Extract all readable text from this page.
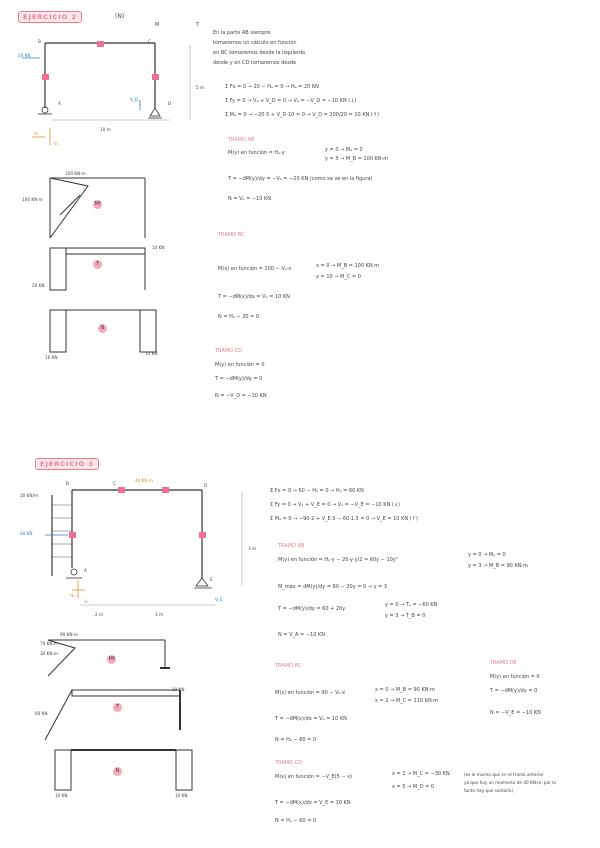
EJERCICIO 2	(N)
M	T
En la parte AB siempre
tomaremos un cálculo en función
en BC tomaremos desde la izquierda
desde y en CD tomaremos desde
20 KN
A	D
B	C
Hₐ
Vₐ
V_D
10 m
5 m	Σ Fx = 0 → 20 − Hₐ = 0 → Hₐ = 20 KN
Σ Fy = 0 → Vₐ + V_D = 0 → Vₐ = −V_D = −10 KN (↓)
Σ Mₐ = 0 → −20·5 + V_D·10 = 0 → V_D = 200/20 = 10 KN (↑)
TRAMO AB
M(y) en función = Hₐ·y	y = 0 → Mₐ = 0
y = 5 → M_B = 100 KN·m
T = −dM(y)/dy = −Vₐ = −20 KN (como se ve en la figura)
N = Vₐ = −10 KN
TRAMO BC
M(x) en función = 100 − Vₐ·x	x = 0 → M_B = 100 KN·m
x = 10 → M_C = 0
T = −dM(x)/dx = Vₐ = 10 KN
N = Hₐ − 20 = 0
TRAMO CD
M(y) en función = 0
T = −dM(y)/dy = 0
N = −V_D = −10 KN
100 KN·m
100 KN·m
Mf
T
N
20 KN
10 KN
10 KN
10 KN
EJERCICIO 3
20 KN/m
60 KN
40 KN·m
3 m
2 m	3 m
A
B	C	D
E
Hₐ
Vₐ	V_E
Σ Fx = 0 → 60 − Hₐ = 0 → Hₐ = 60 KN
Σ Fy = 0 → Vₐ + V_E = 0 → Vₐ = −V_E = −10 KN (↓)
Σ Mₐ = 0 → −90·2 + V_E·3 − 60·1,5 = 0 → V_E = 10 KN (↑)
TRAMO AB
M(y) en función = Hₐ·y − 20·y·y/2 = 60y − 10y²
y = 0 → Mₐ = 0
y = 3 → M_B = 90 KN·m
M_máx = dM(y)/dy = 60 − 20y = 0 → y = 3
T = −dM(y)/dy = 60 + 20y
y = 0 → Tₐ = −60 KN
y = 3 → T_B = 0
N = V_A = −10 KN
TRAMO BC
M(x) en función = 90 − Vₐ·x	x = 0 → M_B = 90 KN·m
x = 2 → M_C = 110 KN·m
T = −dM(x)/dx = Vₐ = 10 KN
N = Hₐ − 60 = 0
TRAMO DE
M(y) en función = 0
T = −dM(y)/dy = 0
N = −V_E = −10 KN
TRAMO CD
M(x) en función = −V_E(5 − x)	x = 2 → M_C = −30 KN
x = 5 → M_D = 0
T = −dM(x)/dx = V_E = 10 KN
N = Hₐ − 60 = 0
(es el mismo que en el tramo anterior
ya que hay un momento de 40 KN·m, por lo
tanto hay que sumarlo)
90 KN·m
70 KN·m
30 KN·m
Mf
60 KN
10 KN
T
N
10 KN	10 KN
